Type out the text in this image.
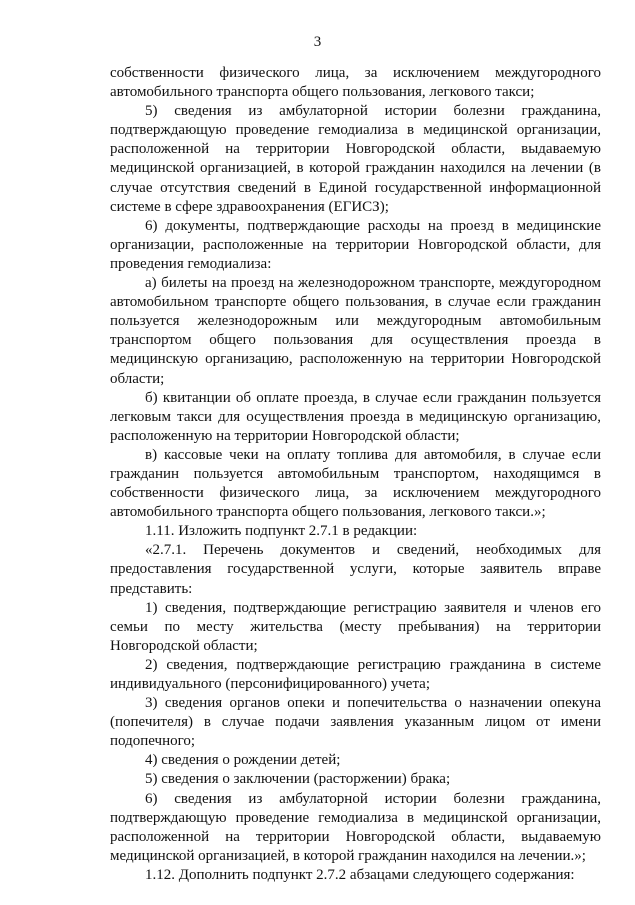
3

собственности физического лица, за исключением междугородного автомобильного транспорта общего пользования, легкового такси;

5) сведения из амбулаторной истории болезни гражданина, подтверждающую проведение гемодиализа в медицинской организации, расположенной на территории Новгородской области, выдаваемую медицинской организацией, в которой гражданин находился на лечении (в случае отсутствия сведений в Единой государственной информационной системе в сфере здравоохранения (ЕГИСЗ);

6) документы, подтверждающие расходы на проезд в медицинские организации, расположенные на территории Новгородской области, для проведения гемодиализа:

а) билеты на проезд на железнодорожном транспорте, междугородном автомобильном транспорте общего пользования, в случае если гражданин пользуется железнодорожным или междугородным автомобильным транспортом общего пользования для осуществления проезда в медицинскую организацию, расположенную на территории Новгородской области;

б) квитанции об оплате проезда, в случае если гражданин пользуется легковым такси для осуществления проезда в медицинскую организацию, расположенную на территории Новгородской области;

в) кассовые чеки на оплату топлива для автомобиля, в случае если гражданин пользуется автомобильным транспортом, находящимся в собственности физического лица, за исключением междугородного автомобильного транспорта общего пользования, легкового такси.»;

1.11. Изложить подпункт 2.7.1 в редакции:

«2.7.1. Перечень документов и сведений, необходимых для предоставления государственной услуги, которые заявитель вправе представить:

1) сведения, подтверждающие регистрацию заявителя и членов его семьи по месту жительства (месту пребывания) на территории Новгородской области;

2) сведения, подтверждающие регистрацию гражданина в системе индивидуального (персонифицированного) учета;

3) сведения органов опеки и попечительства о назначении опекуна (попечителя) в случае подачи заявления указанным лицом от имени подопечного;

4) сведения о рождении детей;

5) сведения о заключении (расторжении) брака;

6) сведения из амбулаторной истории болезни гражданина, подтверждающую проведение гемодиализа в медицинской организации, расположенной на территории Новгородской области, выдаваемую медицинской организацией, в которой гражданин находился на лечении.»;

1.12. Дополнить подпункт 2.7.2 абзацами следующего содержания:
